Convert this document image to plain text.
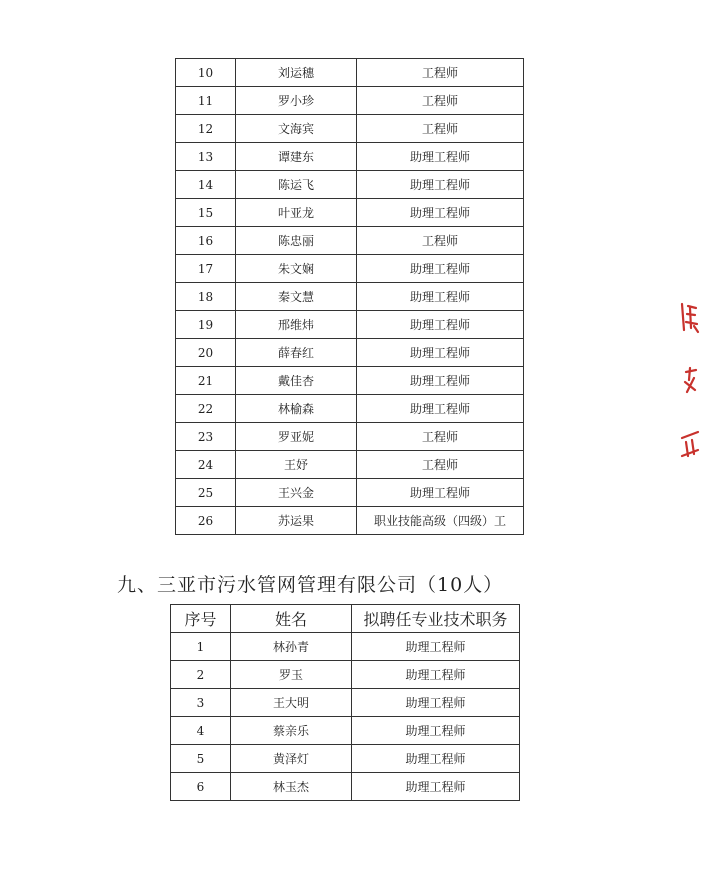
10	刘运穗	工程师
11	罗小珍	工程师
12	文海宾	工程师
13	谭建东	助理工程师
14	陈运飞	助理工程师
15	叶亚龙	助理工程师
16	陈忠丽	工程师
17	朱文娴	助理工程师
18	秦文慧	助理工程师
19	邢维炜	助理工程师
20	薛春红	助理工程师
21	戴佳杏	助理工程师
22	林榆森	助理工程师
23	罗亚妮	工程师
24	王妤	工程师
25	王兴金	助理工程师
26	苏运果	职业技能高级（四级）工
九、三亚市污水管网管理有限公司（10人）
序号	姓名	拟聘任专业技术职务
1	林孙青	助理工程师
2	罗玉	助理工程师
3	王大明	助理工程师
4	蔡亲乐	助理工程师
5	黄泽灯	助理工程师
6	林玉杰	助理工程师
